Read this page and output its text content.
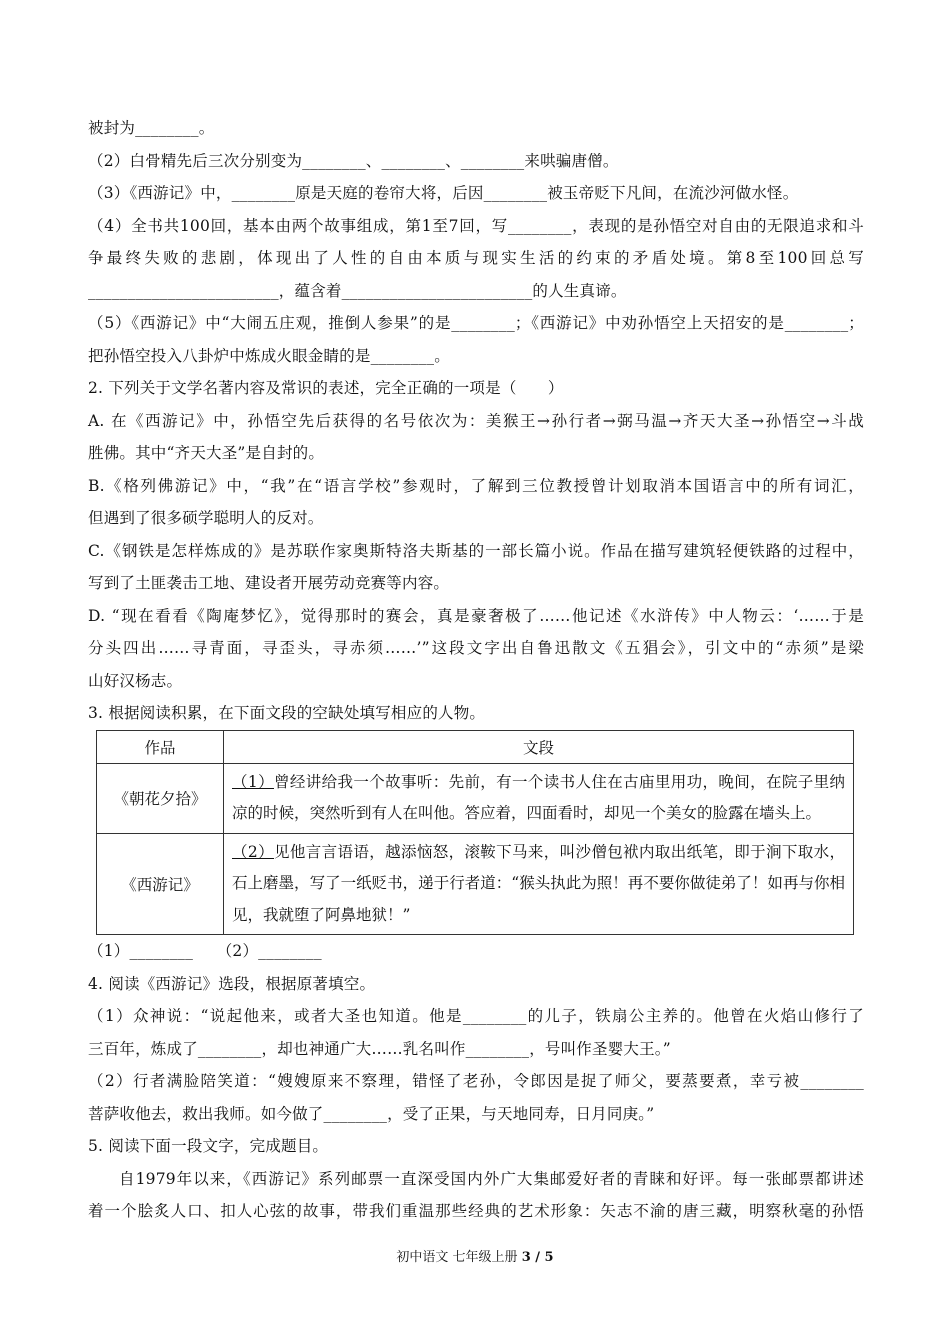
被封为________。
（2）白骨精先后三次分别变为________、________、________来哄骗唐僧。
（3）《西游记》中，________原是天庭的卷帘大将，后因________被玉帝贬下凡间，在流沙河做水怪。
（4）全书共100回，基本由两个故事组成，第1至7回，写________，表现的是孙悟空对自由的无限追求和斗
争最终失败的悲剧，体现出了人性的自由本质与现实生活的约束的矛盾处境。第8至100回总写
________________________，蕴含着________________________的人生真谛。
（5）《西游记》中“大闹五庄观，推倒人参果”的是________；《西游记》中劝孙悟空上天招安的是________；
把孙悟空投入八卦炉中炼成火眼金睛的是________。
2. 下列关于文学名著内容及常识的表述，完全正确的一项是（　　）
A. 在《西游记》中，孙悟空先后获得的名号依次为：美猴王→孙行者→弼马温→齐天大圣→孙悟空→斗战
胜佛。其中“齐天大圣”是自封的。
B.《格列佛游记》中，“我”在“语言学校”参观时，了解到三位教授曾计划取消本国语言中的所有词汇，
但遇到了很多硕学聪明人的反对。
C.《钢铁是怎样炼成的》是苏联作家奥斯特洛夫斯基的一部长篇小说。作品在描写建筑轻便铁路的过程中，
写到了土匪袭击工地、建设者开展劳动竞赛等内容。
D. “现在看看《陶庵梦忆》，觉得那时的赛会，真是豪奢极了……他记述《水浒传》中人物云：‘……于是
分头四出……寻青面，寻歪头，寻赤须……’”这段文字出自鲁迅散文《五猖会》，引文中的“赤须”是梁
山好汉杨志。
3. 根据阅读积累，在下面文段的空缺处填写相应的人物。
作品	文段
《朝花夕拾》	（1）曾经讲给我一个故事听：先前，有一个读书人住在古庙里用功，晚间，在院子里纳凉的时候，突然听到有人在叫他。答应着，四面看时，却见一个美女的脸露在墙头上。
《西游记》	（2）见他言言语语，越添恼怒，滚鞍下马来，叫沙僧包袱内取出纸笔，即于涧下取水，石上磨墨，写了一纸贬书，递于行者道：“猴头执此为照！再不要你做徒弟了！如再与你相见，我就堕了阿鼻地狱！”
（1）________　　（2）________
4. 阅读《西游记》选段，根据原著填空。
（1）众神说：“说起他来，或者大圣也知道。他是________的儿子，铁扇公主养的。他曾在火焰山修行了
三百年，炼成了________，却也神通广大……乳名叫作________，号叫作圣婴大王。”
（2）行者满脸陪笑道：“嫂嫂原来不察理，错怪了老孙，令郎因是捉了师父，要蒸要煮，幸亏被________
菩萨收他去，救出我师。如今做了________，受了正果，与天地同寿，日月同庚。”
5. 阅读下面一段文字，完成题目。
自1979年以来，《西游记》系列邮票一直深受国内外广大集邮爱好者的青睐和好评。每一张邮票都讲述
着一个脍炙人口、扣人心弦的故事，带我们重温那些经典的艺术形象：矢志不渝的唐三藏，明察秋毫的孙悟
初中语文 七年级上册 3 / 5
